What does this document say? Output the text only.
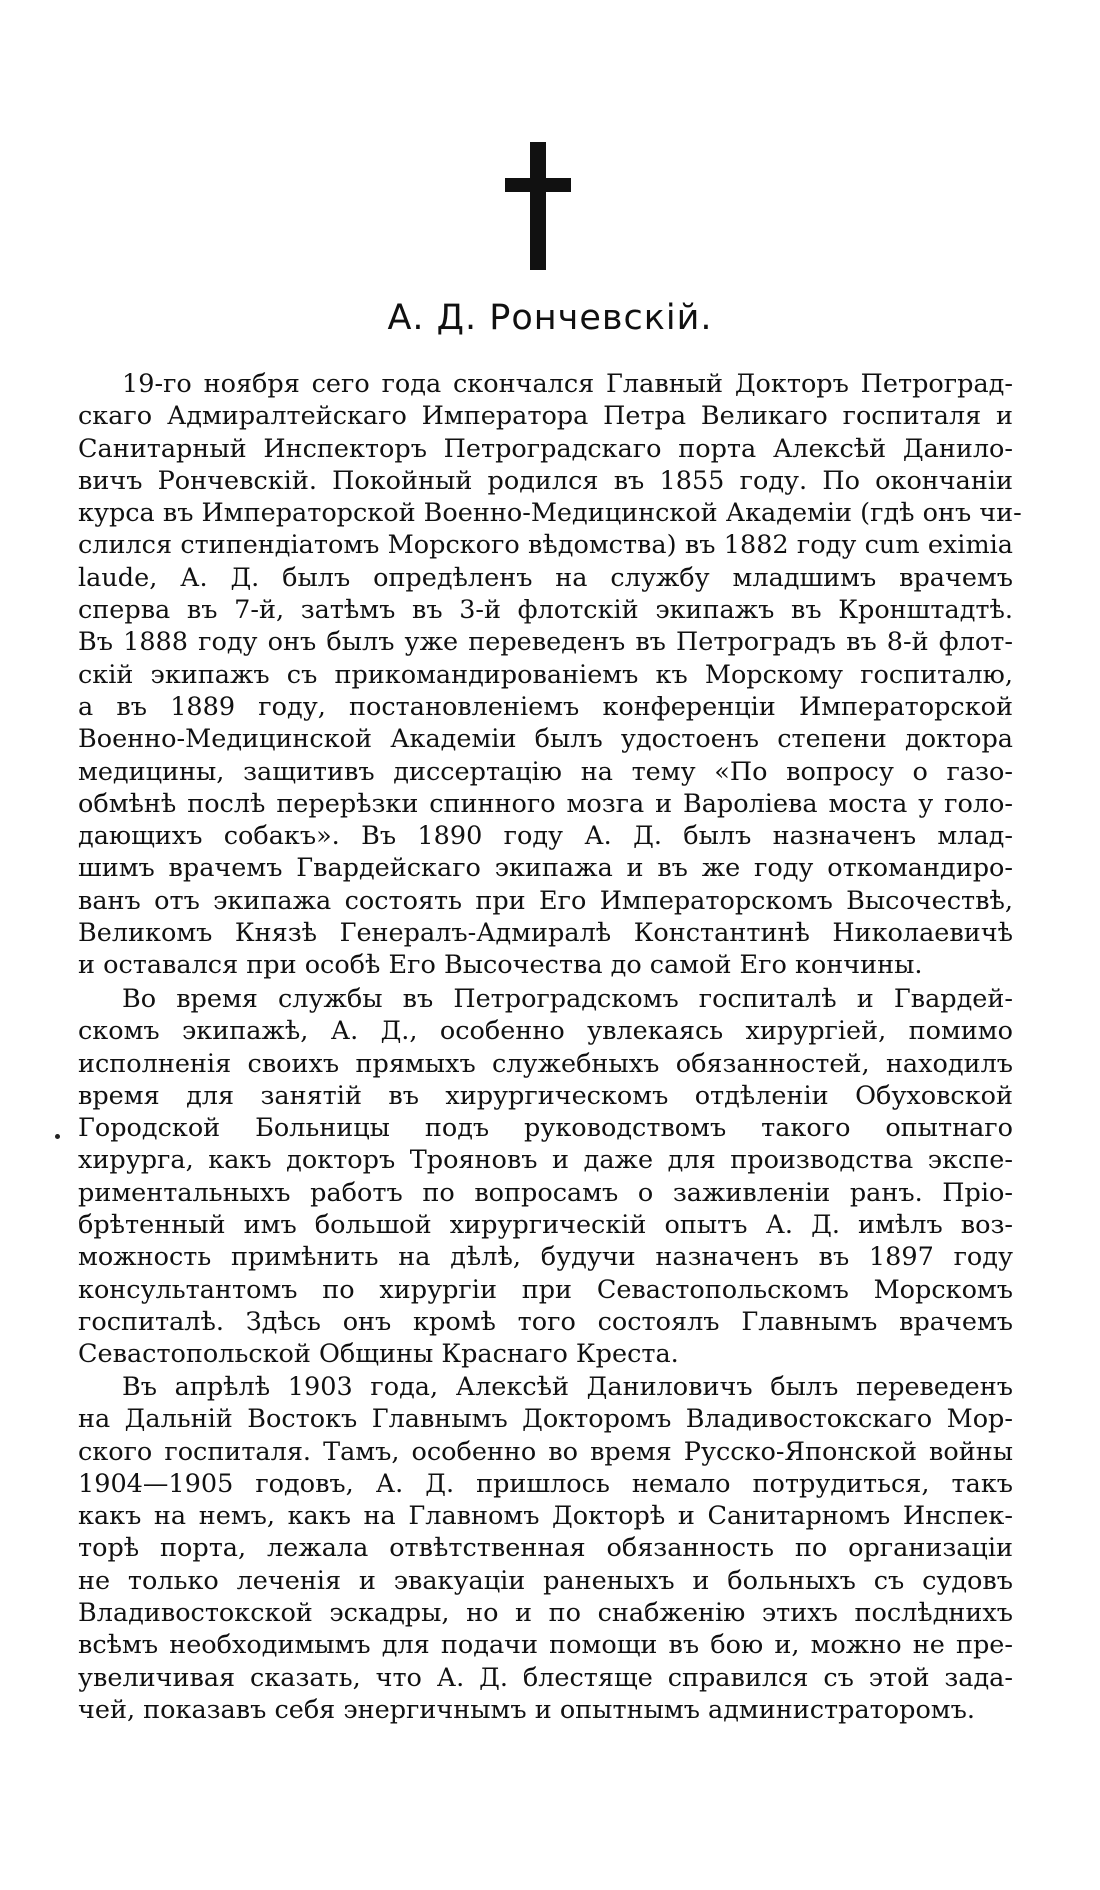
А. Д. Рончевскій.
19-го ноября сего года скончался Главный Докторъ Петроград-
скаго Адмиралтейскаго Императора Петра Великаго госпиталя и
Санитарный Инспекторъ Петроградскаго порта Алексѣй Данило-
вичъ Рончевскій. Покойный родился въ 1855 году. По окончаніи
курса въ Императорской Военно-Медицинской Академіи (гдѣ онъ чи-
слился стипендіатомъ Морского вѣдомства) въ 1882 году cum eximia
laude, А. Д. былъ опредѣленъ на службу младшимъ врачемъ
сперва въ 7-й, затѣмъ въ 3-й флотскій экипажъ въ Кронштадтѣ.
Въ 1888 году онъ былъ уже переведенъ въ Петроградъ въ 8-й флот-
скій экипажъ съ прикомандированіемъ къ Морскому госпиталю,
а въ 1889 году, постановленіемъ конференціи Императорской
Военно-Медицинской Академіи былъ удостоенъ степени доктора
медицины, защитивъ диссертацію на тему «По вопросу о газо-
обмѣнѣ послѣ перерѣзки спинного мозга и Вароліева моста у голо-
дающихъ собакъ». Въ 1890 году А. Д. былъ назначенъ млад-
шимъ врачемъ Гвардейскаго экипажа и въ же году откомандиро-
ванъ отъ экипажа состоять при Его Императорскомъ Высочествѣ,
Великомъ Князѣ Генералъ-Адмиралѣ Константинѣ Николаевичѣ
и оставался при особѣ Его Высочества до самой Его кончины.
Во время службы въ Петроградскомъ госпиталѣ и Гвардей-
скомъ экипажѣ, А. Д., особенно увлекаясь хирургіей, помимо
исполненія своихъ прямыхъ служебныхъ обязанностей, находилъ
время для занятій въ хирургическомъ отдѣленіи Обуховской
Городской Больницы подъ руководствомъ такого опытнаго
хирурга, какъ докторъ Трояновъ и даже для производства экспе-
риментальныхъ работъ по вопросамъ о заживленіи ранъ. Пріо-
брѣтенный имъ большой хирургическій опытъ А. Д. имѣлъ воз-
можность примѣнить на дѣлѣ, будучи назначенъ въ 1897 году
консультантомъ по хирургіи при Севастопольскомъ Морскомъ
госпиталѣ. Здѣсь онъ кромѣ того состоялъ Главнымъ врачемъ
Севастопольской Общины Краснаго Креста.
Въ апрѣлѣ 1903 года, Алексѣй Даниловичъ былъ переведенъ
на Дальній Востокъ Главнымъ Докторомъ Владивостокскаго Мор-
ского госпиталя. Тамъ, особенно во время Русско-Японской войны
1904—1905 годовъ, А. Д. пришлось немало потрудиться, такъ
какъ на немъ, какъ на Главномъ Докторѣ и Санитарномъ Инспек-
торѣ порта, лежала отвѣтственная обязанность по организаціи
не только леченія и эвакуаціи раненыхъ и больныхъ съ судовъ
Владивостокской эскадры, но и по снабженію этихъ послѣднихъ
всѣмъ необходимымъ для подачи помощи въ бою и, можно не пре-
увеличивая сказать, что А. Д. блестяще справился съ этой зада-
чей, показавъ себя энергичнымъ и опытнымъ администраторомъ.
